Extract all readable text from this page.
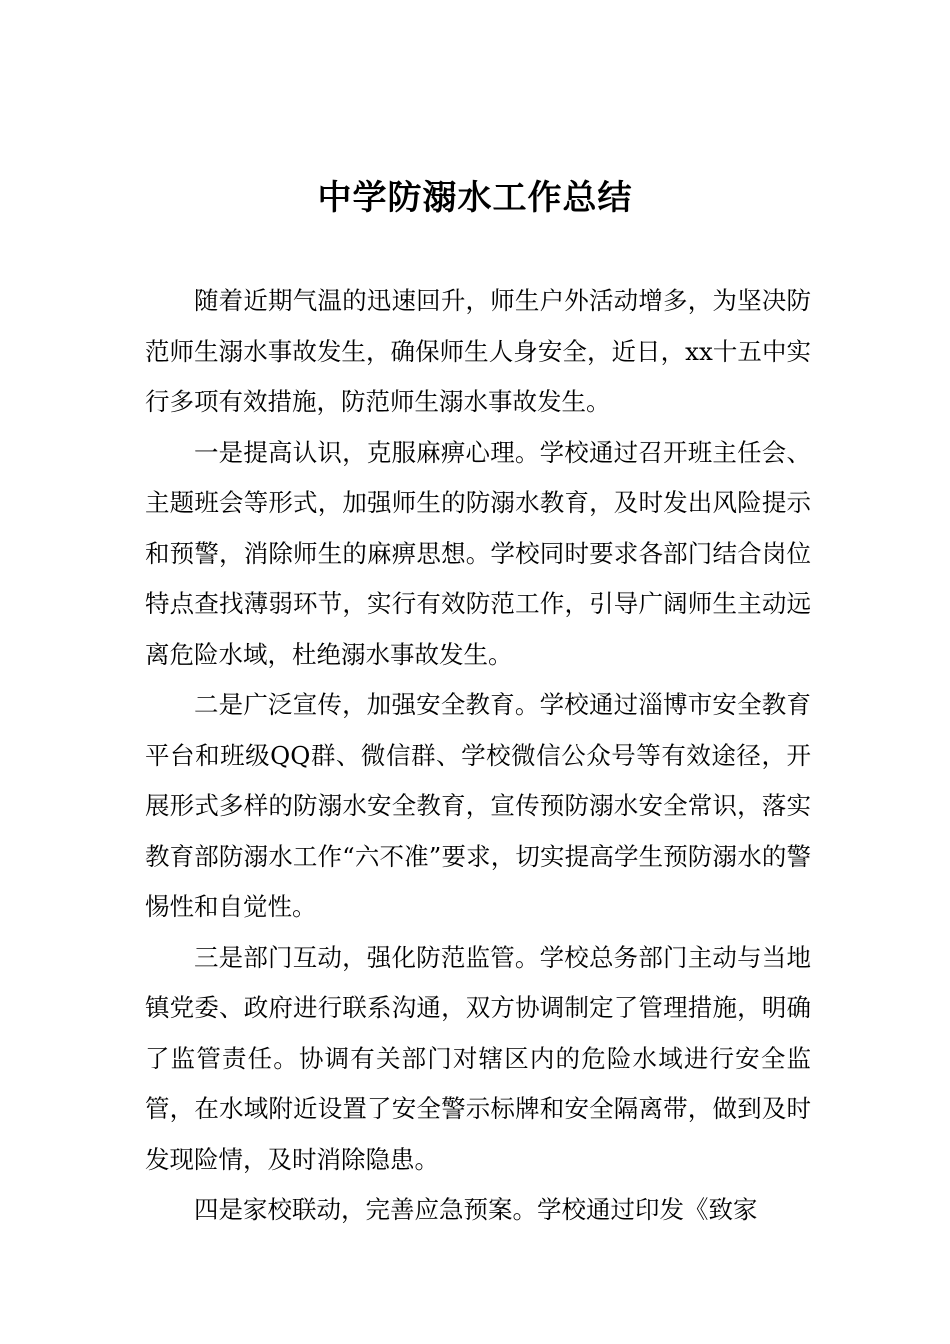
中学防溺水工作总结

随着近期气温的迅速回升，师生户外活动增多，为坚决防范师生溺水事故发生，确保师生人身安全，近日，xx十五中实行多项有效措施，防范师生溺水事故发生。

一是提高认识，克服麻痹心理。学校通过召开班主任会、主题班会等形式，加强师生的防溺水教育，及时发出风险提示和预警，消除师生的麻痹思想。学校同时要求各部门结合岗位特点查找薄弱环节，实行有效防范工作，引导广阔师生主动远离危险水域，杜绝溺水事故发生。

二是广泛宣传，加强安全教育。学校通过淄博市安全教育平台和班级QQ群、微信群、学校微信公众号等有效途径，开展形式多样的防溺水安全教育，宣传预防溺水安全常识，落实教育部防溺水工作“六不准”要求，切实提高学生预防溺水的警惕性和自觉性。

三是部门互动，强化防范监管。学校总务部门主动与当地镇党委、政府进行联系沟通，双方协调制定了管理措施，明确了监管责任。协调有关部门对辖区内的危险水域进行安全监管，在水域附近设置了安全警示标牌和安全隔离带，做到及时发现险情，及时消除隐患。

四是家校联动，完善应急预案。学校通过印发《致家
